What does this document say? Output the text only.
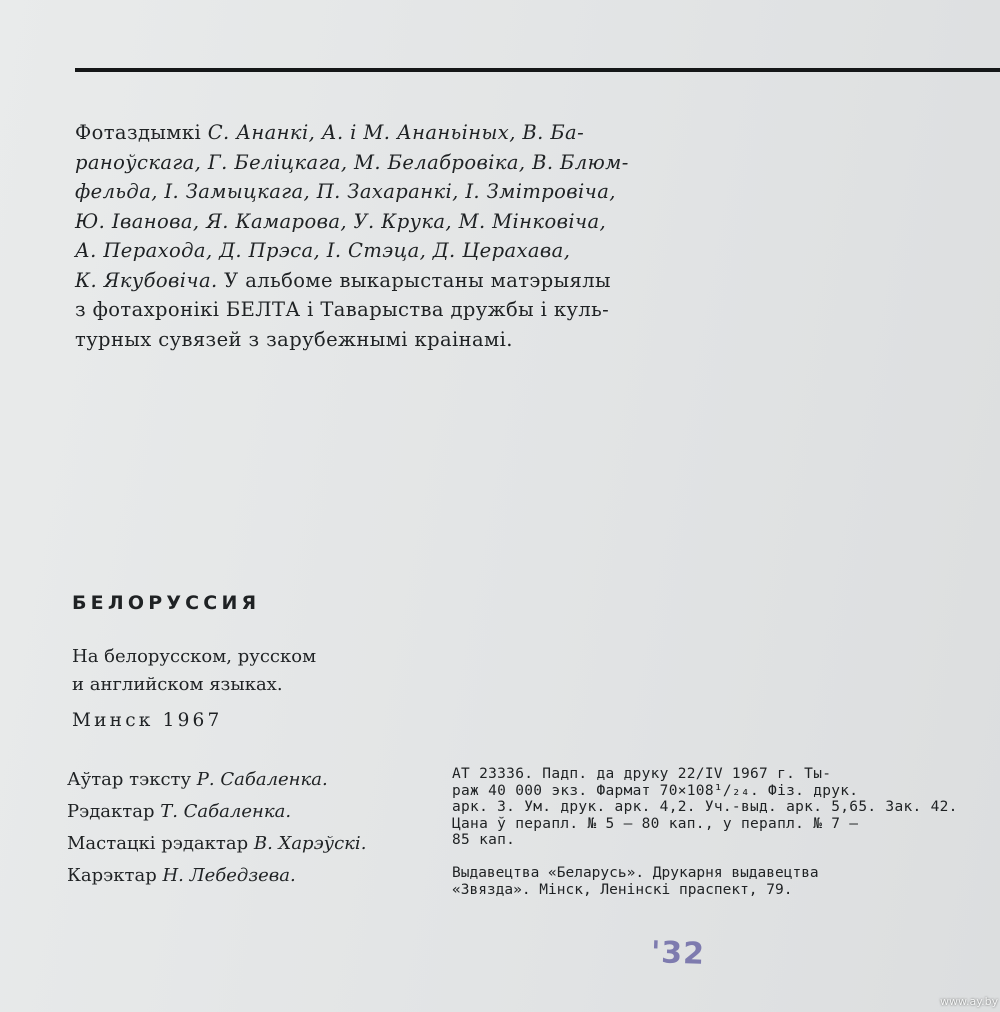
Фотаздымкі С. Ананкі, А. і М. Ананьіных, В. Ба-
раноўскага, Г. Беліцкага, М. Белабровіка, В. Блюм-
фельда, І. Замыцкага, П. Захаранкі, І. Змітровіча,
Ю. Іванова, Я. Камарова, У. Крука, М. Мінковіча,
А. Перахода, Д. Прэса, І. Стэца, Д. Церахава,
К. Якубовіча. У альбоме выкарыстаны матэрыялы
з фотахронікі БЕЛТА і Таварыства дружбы і куль-
турных сувязей з зарубежнымі краінамі.

БЕЛОРУССИЯ

На белорусском, русском
и английском языках.

Минск 1967

Аўтар тэксту Р. Сабаленка.
Рэдактар Т. Сабаленка.
Мастацкі рэдактар В. Харэўскі.
Карэктар Н. Лебедзева.

АТ 23336. Падп. да друку 22/IV 1967 г. Ты-
раж 40 000 экз. Фармат 70×108¹/₂₄. Фіз. друк.
арк. 3. Ум. друк. арк. 4,2. Уч.-выд. арк. 5,65. Зак. 42.
Цана ў перапл. № 5 — 80 кап., у перапл. № 7 —
85 кап.

Выдавецтва «Беларусь». Друкарня выдавецтва
«Звязда». Мінск, Ленінскі праспект, 79.

'32

www.ay.by
